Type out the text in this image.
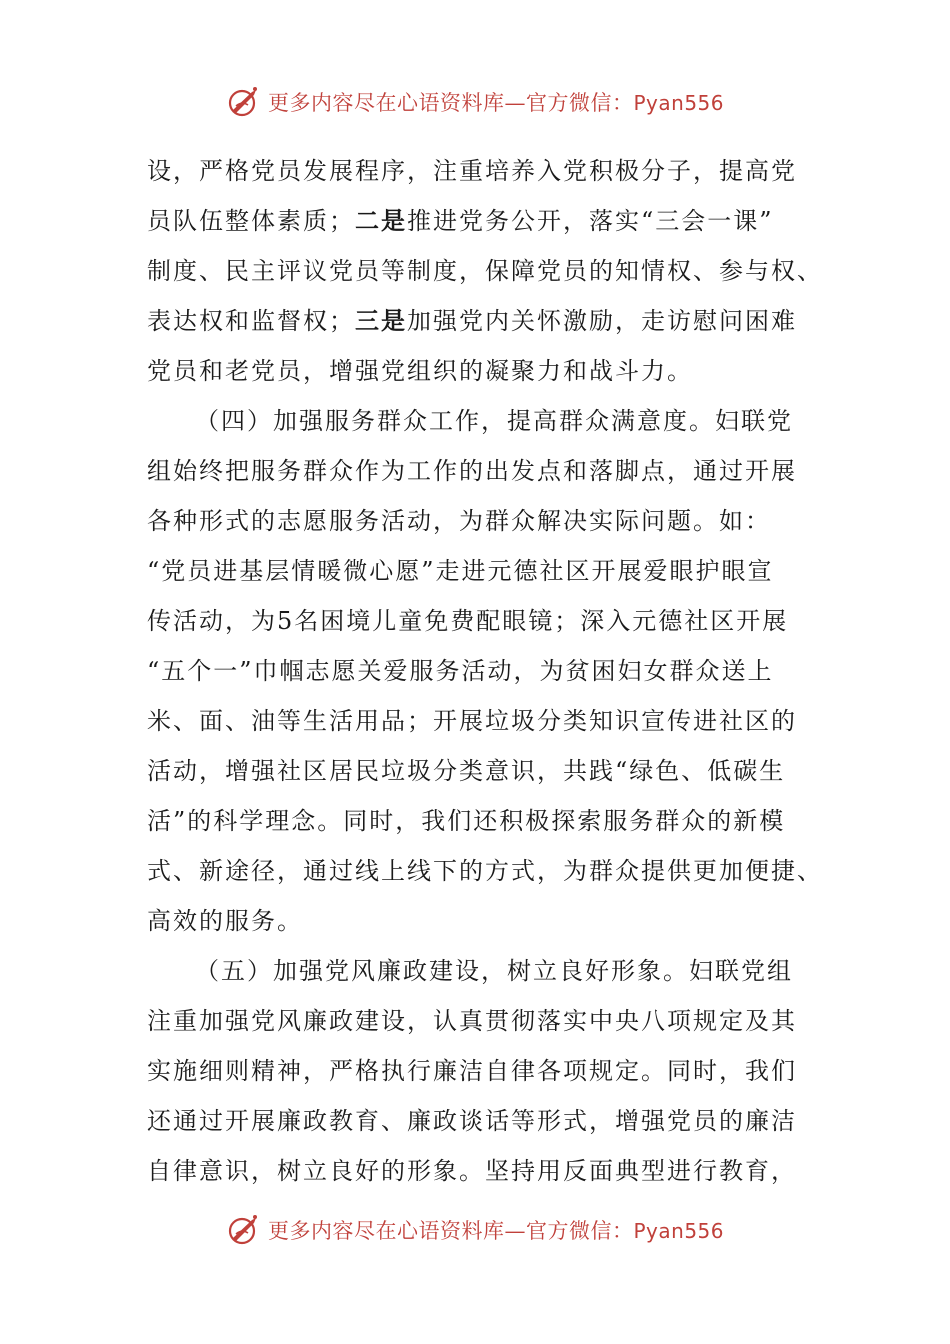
更多内容尽在心语资料库—官方微信：Pyan556
设，严格党员发展程序，注重培养入党积极分子，提高党
员队伍整体素质；二是推进党务公开，落实“三会一课”
制度、民主评议党员等制度，保障党员的知情权、参与权、
表达权和监督权；三是加强党内关怀激励，走访慰问困难
党员和老党员，增强党组织的凝聚力和战斗力。
（四）加强服务群众工作，提高群众满意度。妇联党
组始终把服务群众作为工作的出发点和落脚点，通过开展
各种形式的志愿服务活动，为群众解决实际问题。如：
“党员进基层情暖微心愿”走进元德社区开展爱眼护眼宣
传活动，为5名困境儿童免费配眼镜；深入元德社区开展
“五个一”巾帼志愿关爱服务活动，为贫困妇女群众送上
米、面、油等生活用品；开展垃圾分类知识宣传进社区的
活动，增强社区居民垃圾分类意识，共践“绿色、低碳生
活”的科学理念。同时，我们还积极探索服务群众的新模
式、新途径，通过线上线下的方式，为群众提供更加便捷、
高效的服务。
（五）加强党风廉政建设，树立良好形象。妇联党组
注重加强党风廉政建设，认真贯彻落实中央八项规定及其
实施细则精神，严格执行廉洁自律各项规定。同时，我们
还通过开展廉政教育、廉政谈话等形式，增强党员的廉洁
自律意识，树立良好的形象。坚持用反面典型进行教育，
更多内容尽在心语资料库—官方微信：Pyan556
